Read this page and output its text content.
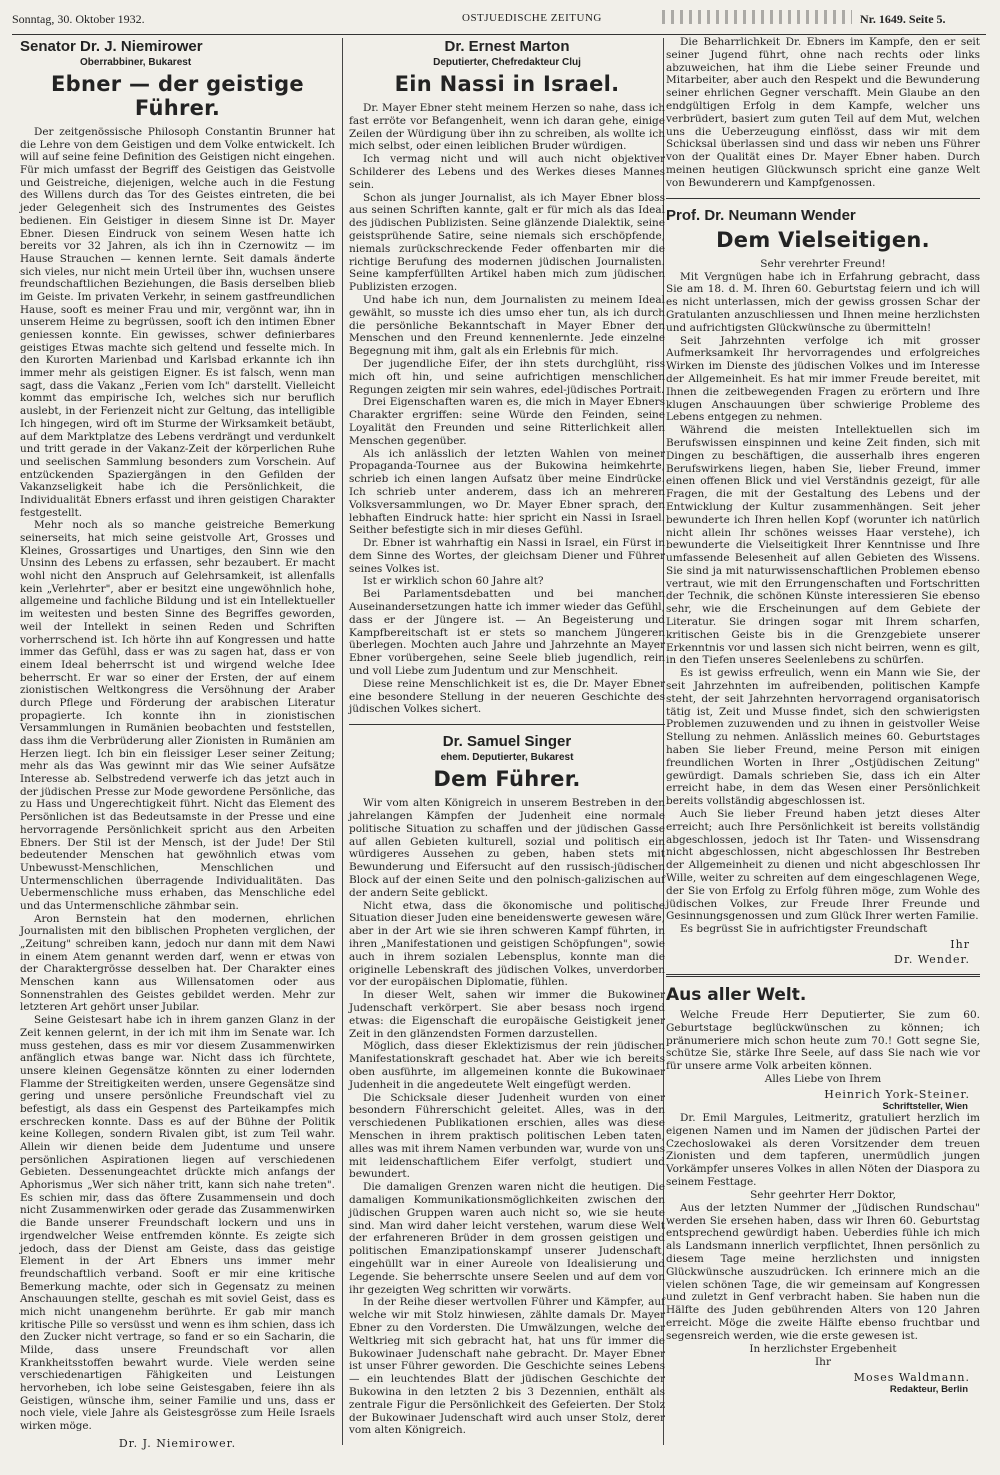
Sonntag, 30. Oktober 1932.	OSTJUEDISCHE ZEITUNG	Nr. 1649. Seite 5.
Senator Dr. J. Niemirower
Oberrabbiner, Bukarest
Ebner — der geistige Führer.

Der zeitgenössische Philosoph Constantin Brunner hat die Lehre von dem Geistigen und dem Volke entwickelt. Ich will auf seine feine Definition des Geistigen nicht eingehen. Für mich umfasst der Begriff des Geistigen das Geistvolle und Geistreiche, diejenigen, welche auch in die Festung des Willens durch das Tor des Geistes eintreten, die bei jeder Gelegenheit sich des Instrumentes des Geistes bedienen. Ein Geistiger in diesem Sinne ist Dr. Mayer Ebner. Diesen Eindruck von seinem Wesen hatte ich bereits vor 32 Jahren, als ich ihn in Czernowitz — im Hause Strauchen — kennen lernte. Seit damals änderte sich vieles, nur nicht mein Urteil über ihn, wuchsen unsere freundschaftlichen Beziehungen, die Basis derselben blieb im Geiste. Im privaten Verkehr, in seinem gastfreundlichen Hause, sooft es meiner Frau und mir, vergönnt war, ihn in unserem Heime zu begrüssen, sooft ich den intimen Ebner geniessen konnte. Ein gewisses, schwer definierbares geistiges Etwas machte sich geltend und fesselte mich. In den Kurorten Marienbad und Karlsbad erkannte ich ihn immer mehr als geistigen Eigner. Es ist falsch, wenn man sagt, dass die Vakanz „Ferien vom Ich" darstellt. Vielleicht kommt das empirische Ich, welches sich nur beruflich auslebt, in der Ferienzeit nicht zur Geltung, das intelligible Ich hingegen, wird oft im Sturme der Wirksamkeit betäubt, auf dem Marktplatze des Lebens verdrängt und verdunkelt und tritt gerade in der Vakanz-Zeit der körperlichen Ruhe und seelischen Sammlung besonders zum Vorschein. Auf entzückenden Spaziergängen in den Gefilden der Vakanzseligkeit habe ich die Persönlichkeit, die Individualität Ebners erfasst und ihren geistigen Charakter festgestellt.

Mehr noch als so manche geistreiche Bemerkung seinerseits, hat mich seine geistvolle Art, Grosses und Kleines, Grossartiges und Unartiges, den Sinn wie den Unsinn des Lebens zu erfassen, sehr bezaubert. Er macht wohl nicht den Anspruch auf Gelehrsamkeit, ist allenfalls kein „Verlehrter", aber er besitzt eine ungewöhnlich hohe, allgemeine und fachliche Bildung und ist ein Intellektueller im weitesten und besten Sinne des Begriffes geworden, weil der Intellekt in seinen Reden und Schriften vorherrschend ist. Ich hörte ihn auf Kongressen und hatte immer das Gefühl, dass er was zu sagen hat, dass er von einem Ideal beherrscht ist und wirgend welche Idee beherrscht. Er war so einer der Ersten, der auf einem zionistischen Weltkongress die Versöhnung der Araber durch Pflege und Förderung der arabischen Literatur propagierte. Ich konnte ihn in zionistischen Versammlungen in Rumänien beobachten und feststellen, dass ihm die Verbrüderung aller Zionisten in Rumänien am Herzen liegt. Ich bin ein fleissiger Leser seiner Zeitung; mehr als das Was gewinnt mir das Wie seiner Aufsätze Interesse ab. Selbstredend verwerfe ich das jetzt auch in der jüdischen Presse zur Mode gewordene Persönliche, das zu Hass und Ungerechtigkeit führt. Nicht das Element des Persönlichen ist das Bedeutsamste in der Presse und eine hervorragende Persönlichkeit spricht aus den Arbeiten Ebners. Der Stil ist der Mensch, ist der Jude! Der Stil bedeutender Menschen hat gewöhnlich etwas vom Unbewusst-Menschlichen, Menschlichen und Untermenschlichen überragende Individualitäten. Das Uebermenschliche muss erhaben, das Menschliche edel und das Untermenschliche zähmbar sein.

Aron Bernstein hat den modernen, ehrlichen Journalisten mit den biblischen Propheten verglichen, der „Zeitung" schreiben kann, jedoch nur dann mit dem Nawi in einem Atem genannt werden darf, wenn er etwas von der Charaktergrösse desselben hat. Der Charakter eines Menschen kann aus Willensatomen oder aus Sonnenstrahlen des Geistes gebildet werden. Mehr zur letzteren Art gehört unser Jubilar.

Seine Geistesart habe ich in ihrem ganzen Glanz in der Zeit kennen gelernt, in der ich mit ihm im Senate war. Ich muss gestehen, dass es mir vor diesem Zusammenwirken anfänglich etwas bange war. Nicht dass ich fürchtete, unsere kleinen Gegensätze könnten zu einer lodernden Flamme der Streitigkeiten werden, unsere Gegensätze sind gering und unsere persönliche Freundschaft viel zu befestigt, als dass ein Gespenst des Parteikampfes mich erschrecken konnte. Dass es auf der Bühne der Politik keine Kollegen, sondern Rivalen gibt, ist zum Teil wahr. Allein wir dienen beide dem Judentume und unsere persönlichen Aspirationen liegen auf verschiedenen Gebieten. Dessenungeachtet drückte mich anfangs der Aphorismus „Wer sich näher tritt, kann sich nahe treten". Es schien mir, dass das öftere Zusammensein und doch nicht Zusammenwirken oder gerade das Zusammenwirken die Bande unserer Freundschaft lockern und uns in irgendwelcher Weise entfremden könnte. Es zeigte sich jedoch, dass der Dienst am Geiste, dass das geistige Element in der Art Ebners uns immer mehr freundschaftlich verband. Sooft er mir eine kritische Bemerkung machte, oder sich in Gegensatz zu meinen Anschauungen stellte, geschah es mit soviel Geist, dass es mich nicht unangenehm berührte. Er gab mir manch kritische Pille so versüsst und wenn es ihm schien, dass ich den Zucker nicht vertrage, so fand er so ein Sacharin, die Milde, dass unsere Freundschaft vor allen Krankheitsstoffen bewahrt wurde. Viele werden seine verschiedenartigen Fähigkeiten und Leistungen hervorheben, ich lobe seine Geistesgaben, feiere ihn als Geistigen, wünsche ihm, seiner Familie und uns, dass er noch viele, viele Jahre als Geistesgrösse zum Heile Israels wirken möge.

Dr. J. Niemirower.
Dr. Ernest Marton
Deputierter, Chefredakteur Cluj
Ein Nassi in Israel.

Dr. Mayer Ebner steht meinem Herzen so nahe, dass ich fast erröte vor Befangenheit, wenn ich daran gehe, einige Zeilen der Würdigung über ihn zu schreiben, als wollte ich mich selbst, oder einen leiblichen Bruder würdigen.

Ich vermag nicht und will auch nicht objektiver Schilderer des Lebens und des Werkes dieses Mannes sein.

Schon als junger Journalist, als ich Mayer Ebner bloss aus seinen Schriften kannte, galt er für mich als das Ideal des jüdischen Publizisten. Seine glänzende Dialektik, seine geistsprühende Satire, seine niemals sich erschöpfende, niemals zurückschreckende Feder offenbarten mir die richtige Berufung des modernen jüdischen Journalisten. Seine kampferfüllten Artikel haben mich zum jüdischen Publizisten erzogen.

Und habe ich nun, dem Journalisten zu meinem Ideal gewählt, so musste ich dies umso eher tun, als ich durch die persönliche Bekanntschaft in Mayer Ebner den Menschen und den Freund kennenlernte. Jede einzelne Begegnung mit ihm, galt als ein Erlebnis für mich.

Der jugendliche Eifer, der ihn stets durchglüht, riss mich oft hin, und seine aufrichtigen menschlichen Regungen zeigten mir sein wahres, edel-jüdisches Portrait.

Drei Eigenschaften waren es, die mich in Mayer Ebners Charakter ergriffen: seine Würde den Feinden, seine Loyalität den Freunden und seine Ritterlichkeit allen Menschen gegenüber.

Als ich anlässlich der letzten Wahlen von meiner Propaganda-Tournee aus der Bukowina heimkehrte, schrieb ich einen langen Aufsatz über meine Eindrücke. Ich schrieb unter anderem, dass ich an mehreren Volksversammlungen, wo Dr. Mayer Ebner sprach, den lebhaften Eindruck hatte: hier spricht ein Nassi in Israel. Seither befestigte sich in mir dieses Gefühl.

Dr. Ebner ist wahrhaftig ein Nassi in Israel, ein Fürst in dem Sinne des Wortes, der gleichsam Diener und Führer seines Volkes ist.

Ist er wirklich schon 60 Jahre alt?

Bei Parlamentsdebatten und bei manchen Auseinandersetzungen hatte ich immer wieder das Gefühl, dass er der Jüngere ist. — An Begeisterung und Kampfbereitschaft ist er stets so manchem Jüngeren überlegen. Mochten auch Jahre und Jahrzehnte an Mayer Ebner vorübergehen, seine Seele blieb jugendlich, rein und voll Liebe zum Judentum und zur Menschheit.

Diese reine Menschlichkeit ist es, die Dr. Mayer Ebner eine besondere Stellung in der neueren Geschichte des jüdischen Volkes sichert.

Dr. Samuel Singer
ehem. Deputierter, Bukarest
Dem Führer.

Wir vom alten Königreich in unserem Bestreben in den jahrelangen Kämpfen der Judenheit eine normale politische Situation zu schaffen und der jüdischen Gasse auf allen Gebieten kulturell, sozial und politisch ein würdigeres Aussehen zu geben, haben stets mit Bewunderung und Eifersucht auf den russisch-jüdischen Block auf der einen Seite und den polnisch-galizischen auf der andern Seite geblickt.

Nicht etwa, dass die ökonomische und politische Situation dieser Juden eine beneidenswerte gewesen wäre, aber in der Art wie sie ihren schweren Kampf führten, in ihren „Manifestationen und geistigen Schöpfungen", sowie auch in ihrem sozialen Lebensplus, konnte man die originelle Lebenskraft des jüdischen Volkes, unverdorben vor der europäischen Diplomatie, fühlen.

In dieser Welt, sahen wir immer die Bukowiner Judenschaft verkörpert. Sie aber besass noch irgend etwas: die Eigenschaft die europäische Geistigkeit jener Zeit in den glänzendsten Formen darzustellen.

Möglich, dass dieser Eklektizismus der rein jüdischen Manifestationskraft geschadet hat. Aber wie ich bereits oben ausführte, im allgemeinen konnte die Bukowinaer Judenheit in die angedeutete Welt eingefügt werden.

Die Schicksale dieser Judenheit wurden von einer besondern Führerschicht geleitet. Alles, was in den verschiedenen Publikationen erschien, alles was diese Menschen in ihrem praktisch politischen Leben taten, alles was mit ihrem Namen verbunden war, wurde von uns mit leidenschaftlichem Eifer verfolgt, studiert und bewundert.

Die damaligen Grenzen waren nicht die heutigen. Die damaligen Kommunikationsmöglichkeiten zwischen den jüdischen Gruppen waren auch nicht so, wie sie heute sind. Man wird daher leicht verstehen, warum diese Welt der erfahreneren Brüder in dem grossen geistigen und politischen Emanzipationskampf unserer Judenschaft, eingehüllt war in einer Aureole von Idealisierung und Legende. Sie beherrschte unsere Seelen und auf dem von ihr gezeigten Weg schritten wir vorwärts.

In der Reihe dieser wertvollen Führer und Kämpfer, auf welche wir mit Stolz hinwiesen, zählte damals Dr. Mayer Ebner zu den Vordersten. Die Umwälzungen, welche der Weltkrieg mit sich gebracht hat, hat uns für immer die Bukowinaer Judenschaft nahe gebracht. Dr. Mayer Ebner ist unser Führer geworden. Die Geschichte seines Lebens — ein leuchtendes Blatt der jüdischen Geschichte der Bukowina in den letzten 2 bis 3 Dezennien, enthält als zentrale Figur die Persönlichkeit des Gefeierten. Der Stolz der Bukowinaer Judenschaft wird auch unser Stolz, derer vom alten Königreich.

Die Beharrlichkeit Dr. Ebners im Kampfe, den er seit seiner Jugend führt, ohne nach rechts oder links abzuweichen, hat ihm die Liebe seiner Freunde und Mitarbeiter, aber auch den Respekt und die Bewunderung seiner ehrlichen Gegner verschafft. Mein Glaube an den endgültigen Erfolg in dem Kampfe, welcher uns verbrüdert, basiert zum guten Teil auf dem Mut, welchen uns die Ueberzeugung einflösst, dass wir mit dem Schicksal überlassen sind und dass wir neben uns Führer von der Qualität eines Dr. Mayer Ebner haben. Durch meinen heutigen Glückwunsch spricht eine ganze Welt von Bewunderern und Kampfgenossen.

Prof. Dr. Neumann Wender
Dem Vielseitigen.
Sehr verehrter Freund!

Mit Vergnügen habe ich in Erfahrung gebracht, dass Sie am 18. d. M. Ihren 60. Geburtstag feiern und ich will es nicht unterlassen, mich der gewiss grossen Schar der Gratulanten anzuschliessen und Ihnen meine herzlichsten und aufrichtigsten Glückwünsche zu übermitteln!

Seit Jahrzehnten verfolge ich mit grosser Aufmerksamkeit Ihr hervorragendes und erfolgreiches Wirken im Dienste des jüdischen Volkes und im Interesse der Allgemeinheit. Es hat mir immer Freude bereitet, mit Ihnen die zeitbewegenden Fragen zu erörtern und Ihre klugen Anschauungen über schwierige Probleme des Lebens entgegen zu nehmen.

Während die meisten Intellektuellen sich im Berufswissen einspinnen und keine Zeit finden, sich mit Dingen zu beschäftigen, die ausserhalb ihres engeren Berufswirkens liegen, haben Sie, lieber Freund, immer einen offenen Blick und viel Verständnis gezeigt, für alle Fragen, die mit der Gestaltung des Lebens und der Entwicklung der Kultur zusammenhängen. Seit jeher bewunderte ich Ihren hellen Kopf (worunter ich natürlich nicht allein Ihr schönes weisses Haar verstehe), ich bewunderte die Vielseitigkeit Ihrer Kenntnisse und Ihre umfassende Belesenheit auf allen Gebieten des Wissens. Sie sind ja mit naturwissenschaftlichen Problemen ebenso vertraut, wie mit den Errungenschaften und Fortschritten der Technik, die schönen Künste interessieren Sie ebenso sehr, wie die Erscheinungen auf dem Gebiete der Literatur. Sie dringen sogar mit Ihrem scharfen, kritischen Geiste bis in die Grenzgebiete unserer Erkenntnis vor und lassen sich nicht beirren, wenn es gilt, in den Tiefen unseres Seelenlebens zu schürfen.

Es ist gewiss erfreulich, wenn ein Mann wie Sie, der seit Jahrzehnten im aufreibenden, politischen Kampfe steht, der seit Jahrzehnten hervorragend organisatorisch tätig ist, Zeit und Musse findet, sich den schwierigsten Problemen zuzuwenden und zu ihnen in geistvoller Weise Stellung zu nehmen. Anlässlich meines 60. Geburtstages haben Sie lieber Freund, meine Person mit einigen freundlichen Worten in Ihrer „Ostjüdischen Zeitung" gewürdigt. Damals schrieben Sie, dass ich ein Alter erreicht habe, in dem das Wesen einer Persönlichkeit bereits vollständig abgeschlossen ist.

Auch Sie lieber Freund haben jetzt dieses Alter erreicht; auch Ihre Persönlichkeit ist bereits vollständig abgeschlossen, jedoch ist Ihr Taten- und Wissensdrang nicht abgeschlossen, nicht abgeschlossen Ihr Bestreben der Allgemeinheit zu dienen und nicht abgeschlossen Ihr Wille, weiter zu schreiten auf dem eingeschlagenen Wege, der Sie von Erfolg zu Erfolg führen möge, zum Wohle des jüdischen Volkes, zur Freude Ihrer Freunde und Gesinnungsgenossen und zum Glück Ihrer werten Familie.

Es begrüsst Sie in aufrichtigster Freundschaft

Ihr
Dr. Wender.
Aus aller Welt.

Welche Freude Herr Deputierter, Sie zum 60. Geburtstage beglückwünschen zu können; ich pränumeriere mich schon heute zum 70.! Gott segne Sie, schütze Sie, stärke Ihre Seele, auf dass Sie nach wie vor für unsere arme Volk arbeiten können.

Alles Liebe von Ihrem
Heinrich York-Steiner.
Schriftsteller, Wien

Dr. Emil Margules, Leitmeritz, gratuliert herzlich im eigenen Namen und im Namen der jüdischen Partei der Czechoslowakei als deren Vorsitzender dem treuen Zionisten und dem tapferen, unermüdlich jungen Vorkämpfer unseres Volkes in allen Nöten der Diaspora zu seinem Festtage.

Sehr geehrter Herr Doktor,

Aus der letzten Nummer der „Jüdischen Rundschau" werden Sie ersehen haben, dass wir Ihren 60. Geburtstag entsprechend gewürdigt haben. Ueberdies fühle ich mich als Landsmann innerlich verpflichtet, Ihnen persönlich zu diesem Tage meine herzlichsten und innigsten Glückwünsche auszudrücken. Ich erinnere mich an die vielen schönen Tage, die wir gemeinsam auf Kongressen und zuletzt in Genf verbracht haben. Sie haben nun die Hälfte des Juden gebührenden Alters von 120 Jahren erreicht. Möge die zweite Hälfte ebenso fruchtbar und segensreich werden, wie die erste gewesen ist.

In herzlichster Ergebenheit
Ihr
Moses Waldmann.
Redakteur, Berlin
